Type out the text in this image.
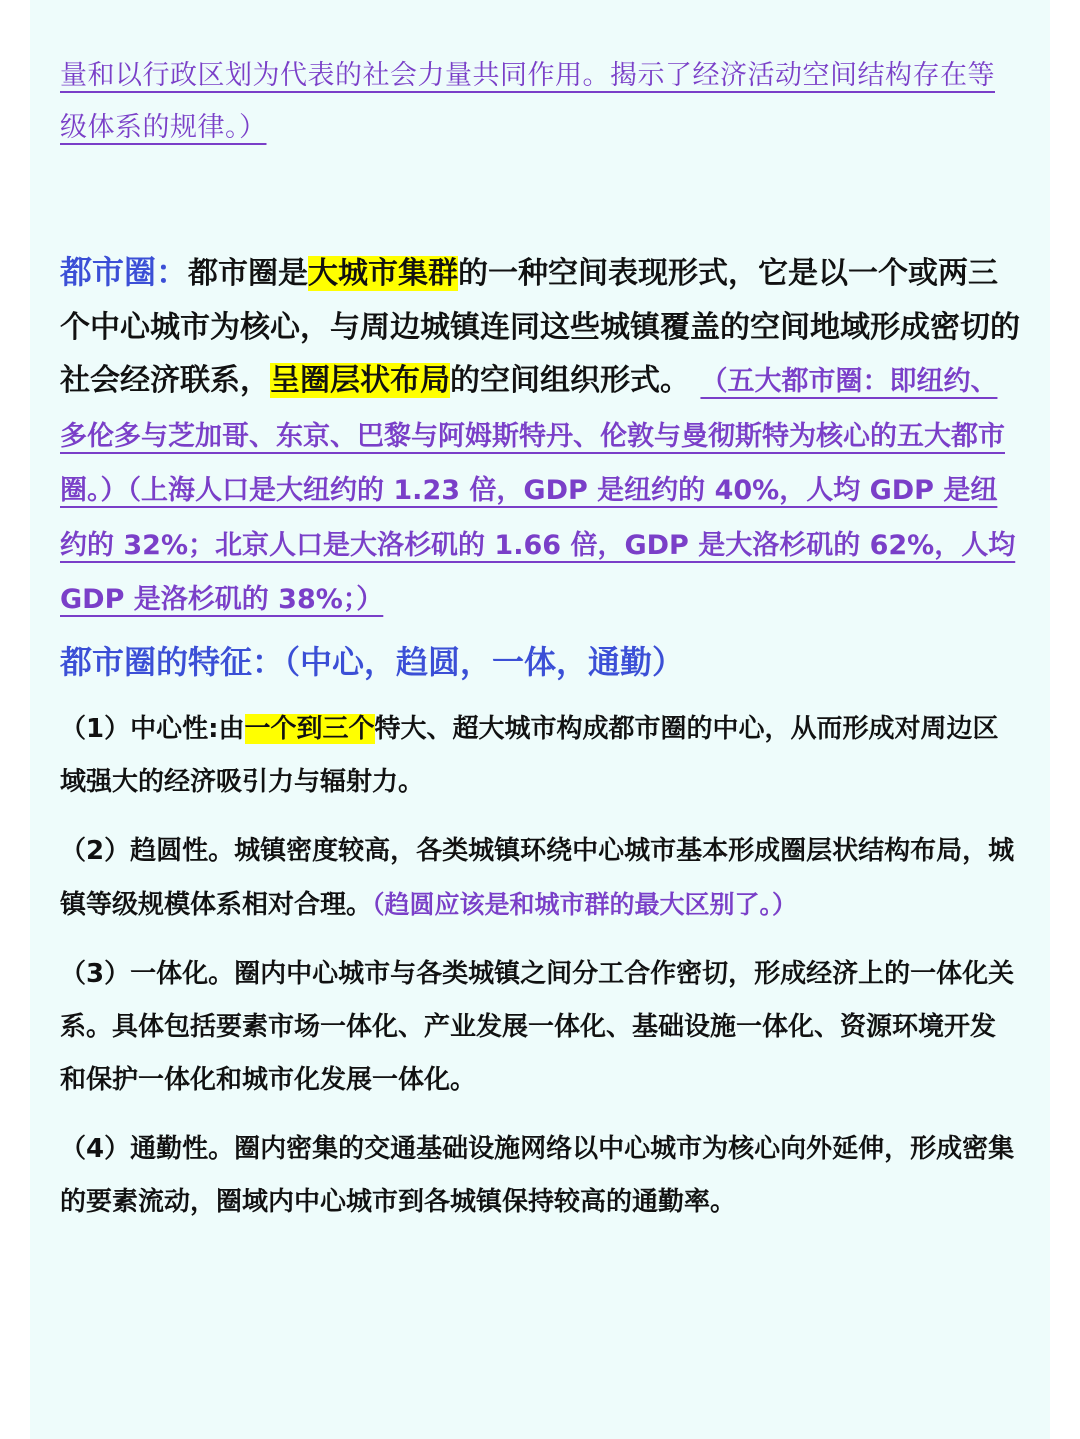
量和以行政区划为代表的社会力量共同作用。揭示了经济活动空间结构存在等级体系的规律。）

都市圈：都市圈是大城市集群的一种空间表现形式，它是以一个或两三个中心城市为核心，与周边城镇连同这些城镇覆盖的空间地域形成密切的社会经济联系，呈圈层状布局的空间组织形式。 （五大都市圈：即纽约、多伦多与芝加哥、东京、巴黎与阿姆斯特丹、伦敦与曼彻斯特为核心的五大都市圈。）（上海人口是大纽约的 1.23 倍，GDP 是纽约的 40%，人均 GDP 是纽约的 32%；北京人口是大洛杉矶的 1.66 倍，GDP 是大洛杉矶的 62%，人均 GDP 是洛杉矶的 38%；）

都市圈的特征：（中心，趋圆，一体，通勤）

（1）中心性:由一个到三个特大、超大城市构成都市圈的中心，从而形成对周边区域强大的经济吸引力与辐射力。

（2）趋圆性。城镇密度较高，各类城镇环绕中心城市基本形成圈层状结构布局，城镇等级规模体系相对合理。（趋圆应该是和城市群的最大区别了。）

（3）一体化。圈内中心城市与各类城镇之间分工合作密切，形成经济上的一体化关系。具体包括要素市场一体化、产业发展一体化、基础设施一体化、资源环境开发和保护一体化和城市化发展一体化。

（4）通勤性。圈内密集的交通基础设施网络以中心城市为核心向外延伸，形成密集的要素流动，圈域内中心城市到各城镇保持较高的通勤率。
